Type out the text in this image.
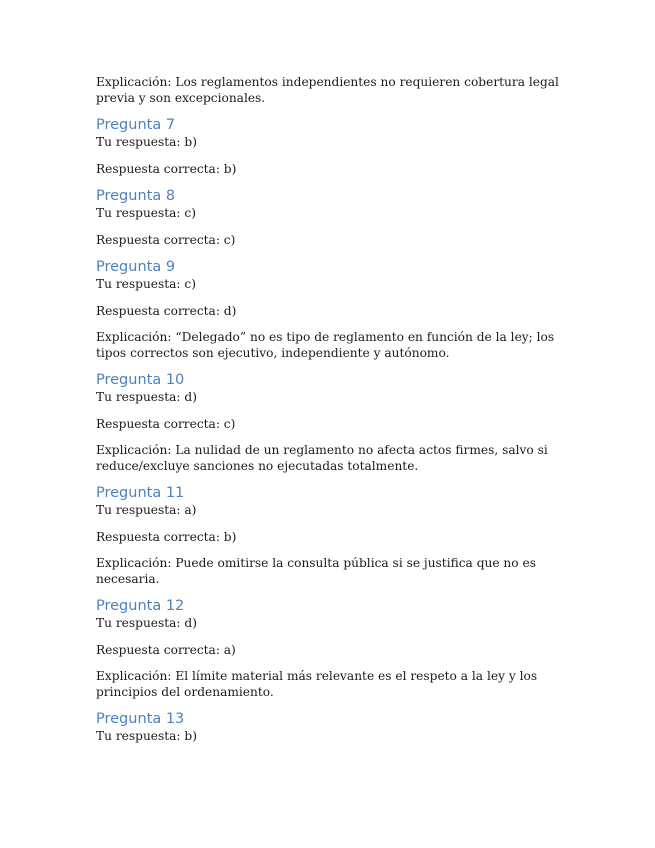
Explicación: Los reglamentos independientes no requieren cobertura legal previa y son excepcionales.

Pregunta 7

Tu respuesta: b)

Respuesta correcta: b)

Pregunta 8

Tu respuesta: c)

Respuesta correcta: c)

Pregunta 9

Tu respuesta: c)

Respuesta correcta: d)

Explicación: “Delegado” no es tipo de reglamento en función de la ley; los tipos correctos son ejecutivo, independiente y autónomo.

Pregunta 10

Tu respuesta: d)

Respuesta correcta: c)

Explicación: La nulidad de un reglamento no afecta actos firmes, salvo si reduce/excluye sanciones no ejecutadas totalmente.

Pregunta 11

Tu respuesta: a)

Respuesta correcta: b)

Explicación: Puede omitirse la consulta pública si se justifica que no es necesaria.

Pregunta 12

Tu respuesta: d)

Respuesta correcta: a)

Explicación: El límite material más relevante es el respeto a la ley y los principios del ordenamiento.

Pregunta 13

Tu respuesta: b)
